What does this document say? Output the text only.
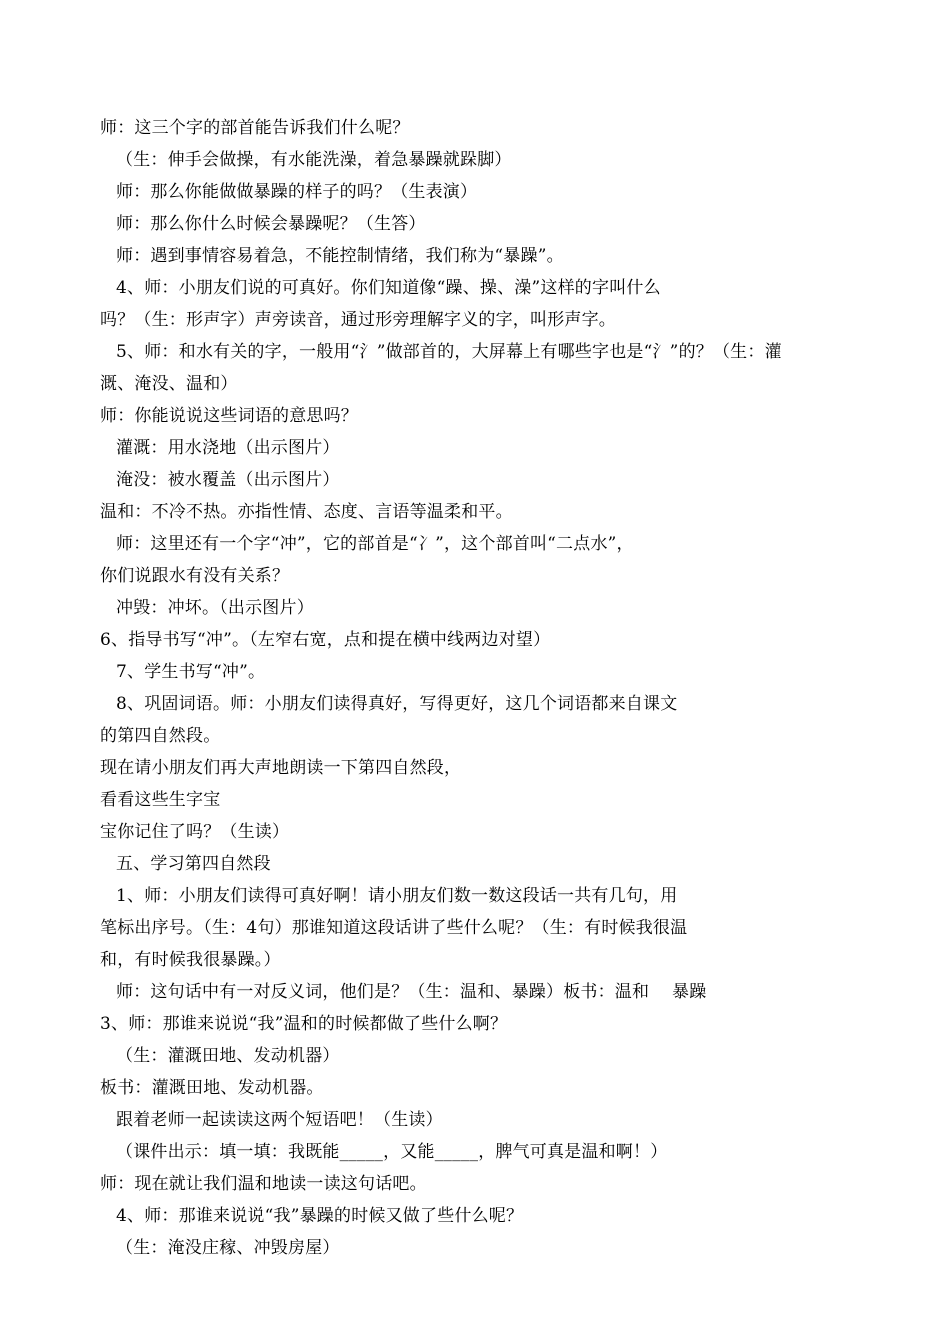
师：这三个字的部首能告诉我们什么呢？
（生：伸手会做操，有水能洗澡，着急暴躁就跺脚）
师：那么你能做做暴躁的样子的吗？（生表演）
师：那么你什么时候会暴躁呢？（生答）
师：遇到事情容易着急，不能控制情绪，我们称为“暴躁”。
4、师：小朋友们说的可真好。你们知道像“躁、操、澡”这样的字叫什么
吗？（生：形声字）声旁读音，通过形旁理解字义的字，叫形声字。
5、师：和水有关的字，一般用“氵”做部首的，大屏幕上有哪些字也是“氵”的？（生：灌
溉、淹没、温和）
师：你能说说这些词语的意思吗？
灌溉：用水浇地（出示图片）
淹没：被水覆盖（出示图片）
温和：不冷不热。亦指性情、态度、言语等温柔和平。
师：这里还有一个字“冲”，它的部首是“冫”，这个部首叫“二点水”，
你们说跟水有没有关系？
冲毁：冲坏。（出示图片）
6、指导书写“冲”。（左窄右宽，点和提在横中线两边对望）
7、学生书写“冲”。
8、巩固词语。师：小朋友们读得真好，写得更好，这几个词语都来自课文
的第四自然段。
现在请小朋友们再大声地朗读一下第四自然段，
看看这些生字宝
宝你记住了吗？（生读）
五、学习第四自然段
1、师：小朋友们读得可真好啊！请小朋友们数一数这段话一共有几句，用
笔标出序号。（生：4句）那谁知道这段话讲了些什么呢？（生：有时候我很温
和，有时候我很暴躁。）
师：这句话中有一对反义词，他们是？（生：温和、暴躁）板书：温和　 暴躁
3、师：那谁来说说“我”温和的时候都做了些什么啊？
（生：灌溉田地、发动机器）
板书：灌溉田地、发动机器。
跟着老师一起读读这两个短语吧！（生读）
（课件出示：填一填：我既能_____，又能_____，脾气可真是温和啊！）
师：现在就让我们温和地读一读这句话吧。
4、师：那谁来说说“我”暴躁的时候又做了些什么呢？
（生：淹没庄稼、冲毁房屋）
